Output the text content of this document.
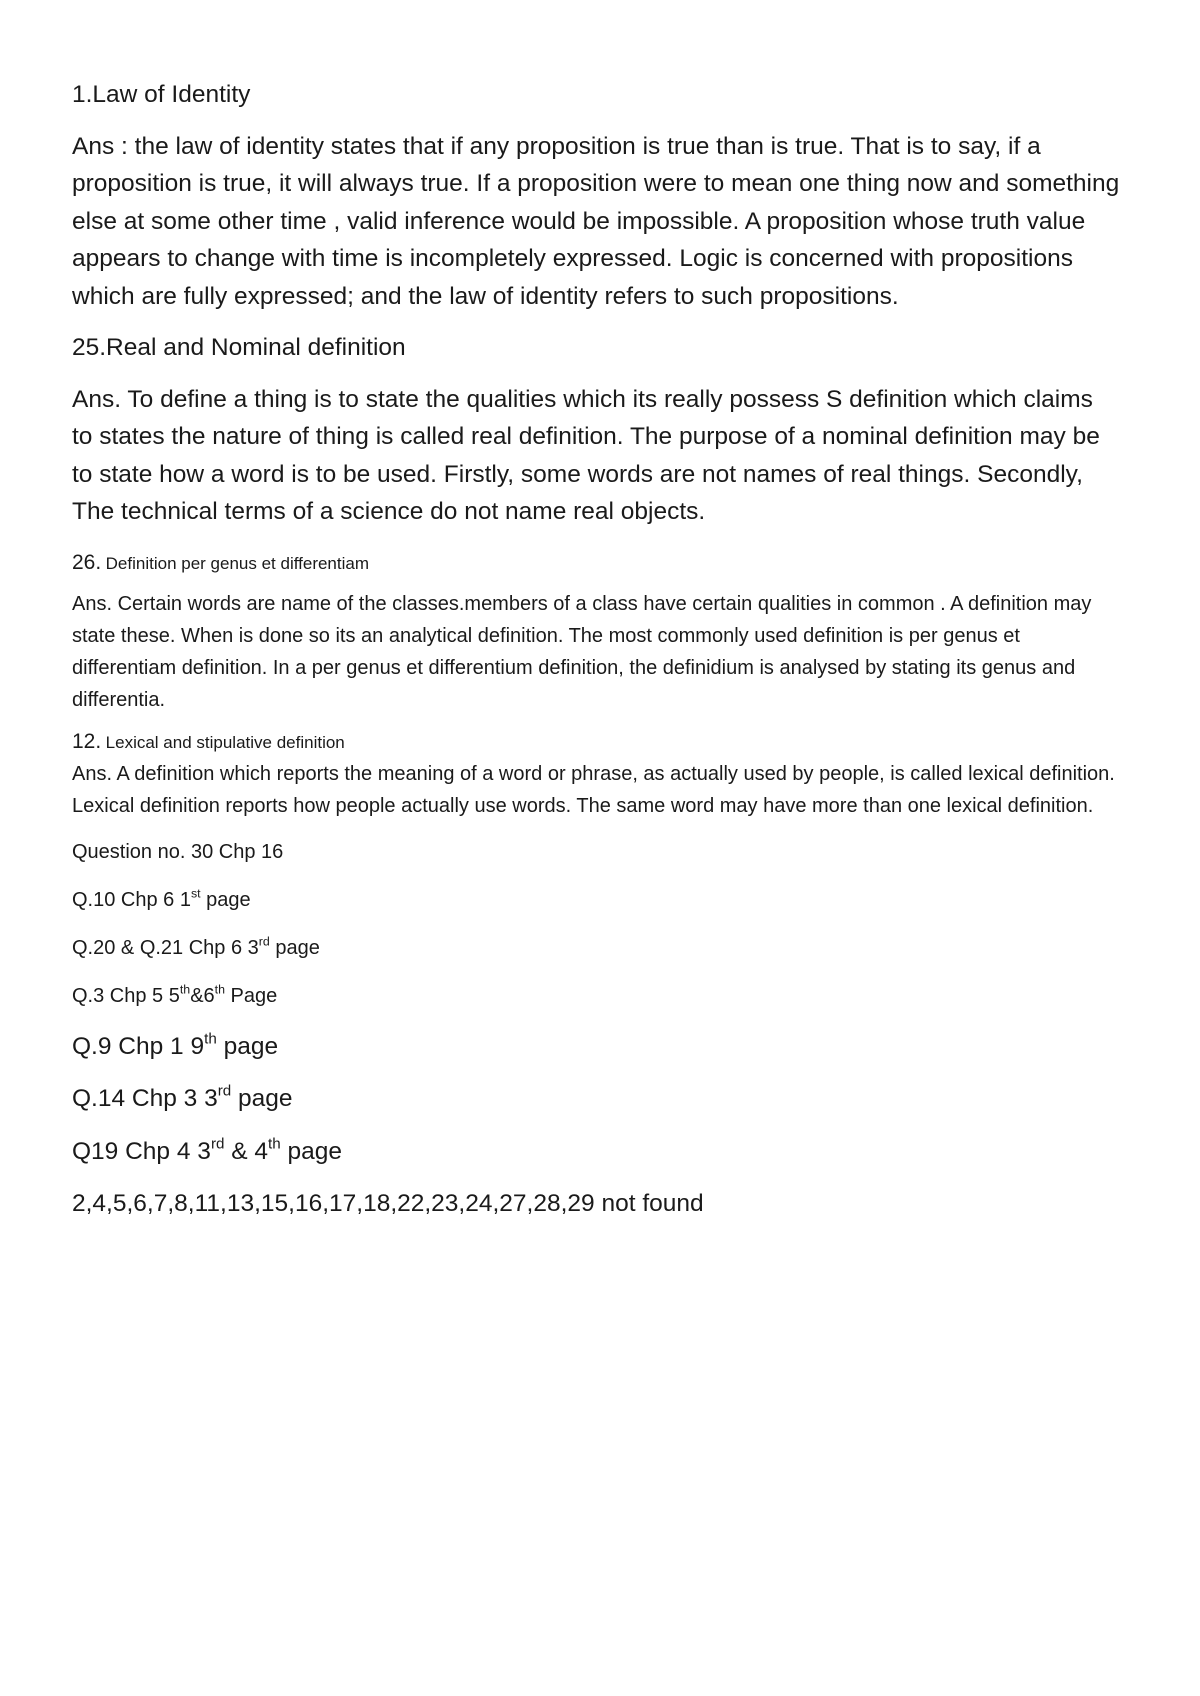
1.Law of Identity

Ans : the law of identity states that if any proposition is true than is true. That is to say, if a proposition is true, it will always true. If a proposition were to mean one thing now and something else at some other time , valid inference would be impossible. A proposition whose truth value appears to change with time is incompletely expressed. Logic is concerned with propositions which are fully expressed; and the law of identity refers to such propositions.

25.Real and Nominal definition

Ans. To define a thing is to state the qualities which its really possess S definition which claims to states the nature of thing is called real definition. The purpose of a nominal definition may be to state how a word is to be used. Firstly, some words are not names of real things. Secondly, The technical terms of a science do not name real objects.

26. Definition per genus et differentiam

Ans. Certain words are name of the classes.members of a class have certain qualities in common . A definition may state these. When is done so its an analytical definition. The most commonly used definition is per genus et differentiam definition. In a per genus et differentium definition, the definidium is analysed by stating its genus and differentia.

12. Lexical and stipulative definition

Ans. A definition which reports the meaning of a word or phrase, as actually used by people, is called lexical definition. Lexical definition reports how people actually use words. The same word may have more than one lexical definition.

Question no. 30 Chp 16

Q.10 Chp 6 1st page

Q.20 & Q.21 Chp 6 3rd page

Q.3 Chp 5 5th&6th Page

Q.9 Chp 1 9th page

Q.14 Chp 3 3rd page

Q19 Chp 4 3rd & 4th page

2,4,5,6,7,8,11,13,15,16,17,18,22,23,24,27,28,29 not found
